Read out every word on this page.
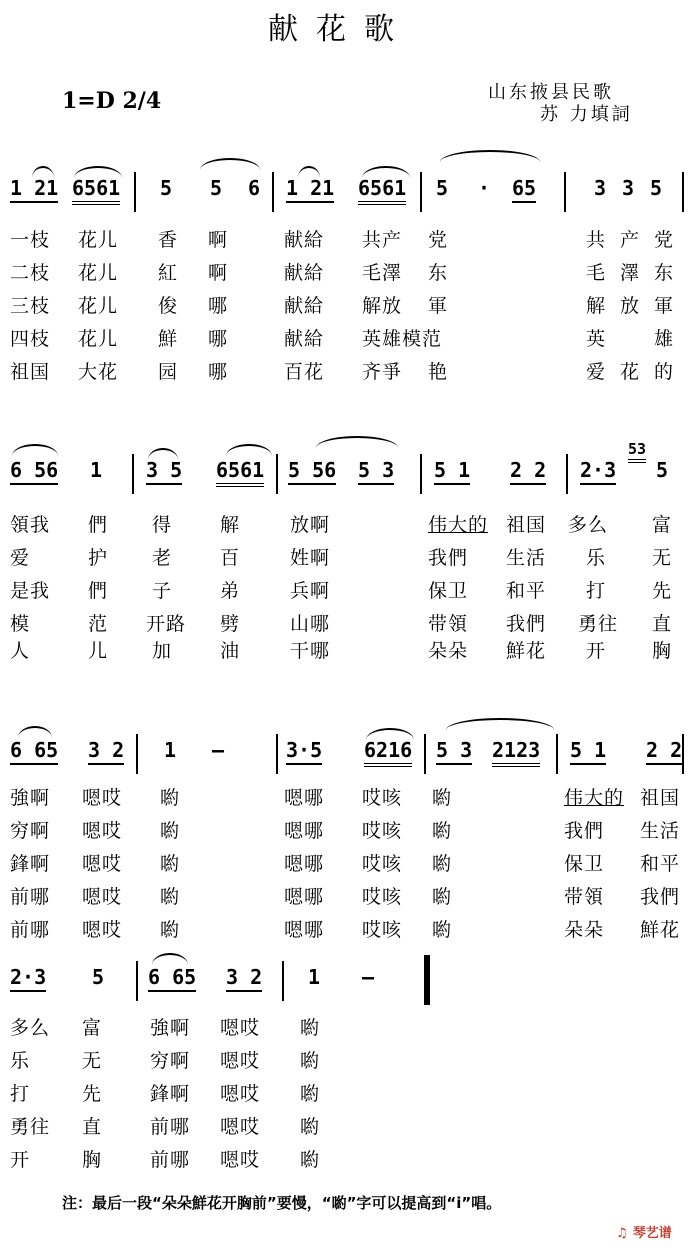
献花歌
1=D 2/4	山东掖县民歌
苏 力填詞
1 21 6561 5 5 6 1 21 6561 5 · 65	3 3 5
一枝 花儿 香 啊	献給 共产 党	共 产 党
二枝 花儿 紅 啊	献給 毛澤 东	毛 澤 东
三枝 花儿 俊 哪	献給 解放 軍	解 放 軍
四枝 花儿 鮮 哪	献給 英雄模范	英	雄
祖国 大花 园 哪	百花 齐爭 艳	爱 花 的
6 56 1 3 5 6561 5 56 5 3 5 1 2 2 2·3
53
5
領我 們 得	解	放啊	伟大的 祖国 多么 富
爱	护 老	百	姓啊	我們 生活 乐 无
是我 們 子	弟	兵啊	保卫 和平 打 先
模	范 开路 劈	山哪	带領 我們 勇往 直
人	儿 加	油	干哪	朵朵 鮮花 开 胸
6 65 3 2 1 —	3·5 6216 5 3 2123 5 1 2 2
強啊 嗯哎 喲	嗯哪 哎咳 喲	伟大的 祖国
穷啊 嗯哎 喲	嗯哪 哎咳 喲	我們 生活
鋒啊 嗯哎 喲	嗯哪 哎咳 喲	保卫 和平
前哪 嗯哎 喲	嗯哪 哎咳 喲	带領 我們
前哪 嗯哎 喲	嗯哪 哎咳 喲	朵朵 鮮花
2·3 5 6 65 3 2 1 —
多么 富	強啊 嗯哎 喲
乐	无	穷啊 嗯哎 喲
打	先	鋒啊 嗯哎 喲
勇往 直	前哪 嗯哎 喲
开	胸	前哪 嗯哎 喲
注：最后一段“朵朵鮮花开胸前”要慢，“喲”字可以提高到“i”唱。
♫ 琴艺谱
